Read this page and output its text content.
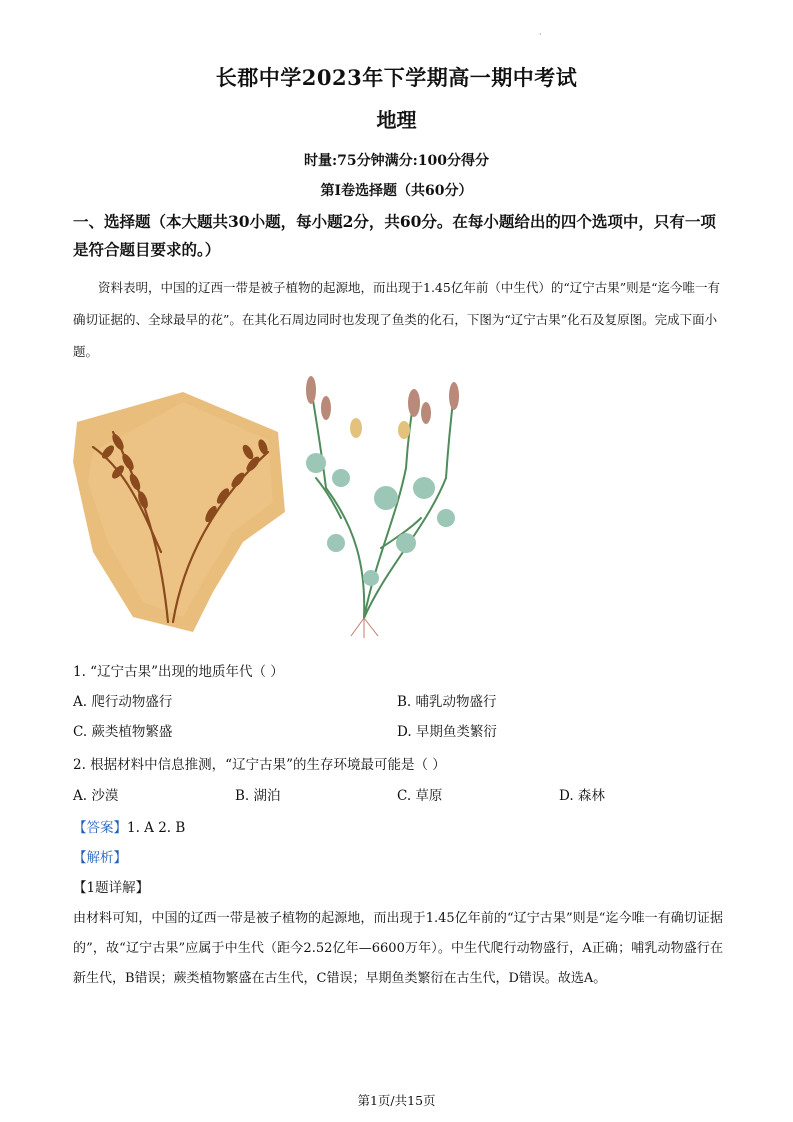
·
长郡中学2023年下学期高一期中考试
地理
时量:75分钟满分:100分得分
第Ⅰ卷选择题（共60分）
一、选择题（本大题共30小题，每小题2分，共60分。在每小题给出的四个选项中，只有一项是符合题目要求的。）
资料表明，中国的辽西一带是被子植物的起源地，而出现于1.45亿年前（中生代）的“辽宁古果”则是“迄今唯一有确切证据的、全球最早的花”。在其化石周边同时也发现了鱼类的化石，下图为“辽宁古果”化石及复原图。完成下面小题。
1. “辽宁古果”出现的地质年代（ ）
A. 爬行动物盛行	B. 哺乳动物盛行
C. 蕨类植物繁盛	D. 早期鱼类繁衍
2. 根据材料中信息推测，“辽宁古果”的生存环境最可能是（ ）
A. 沙漠	B. 湖泊	C. 草原	D. 森林
【答案】1. A 2. B
【解析】
【1题详解】
由材料可知，中国的辽西一带是被子植物的起源地，而出现于1.45亿年前的“辽宁古果”则是“迄今唯一有确切证据的”，故“辽宁古果”应属于中生代（距今2.52亿年—6600万年）。中生代爬行动物盛行，A正确；哺乳动物盛行在新生代，B错误；蕨类植物繁盛在古生代，C错误；早期鱼类繁衍在古生代，D错误。故选A。
第1页/共15页
